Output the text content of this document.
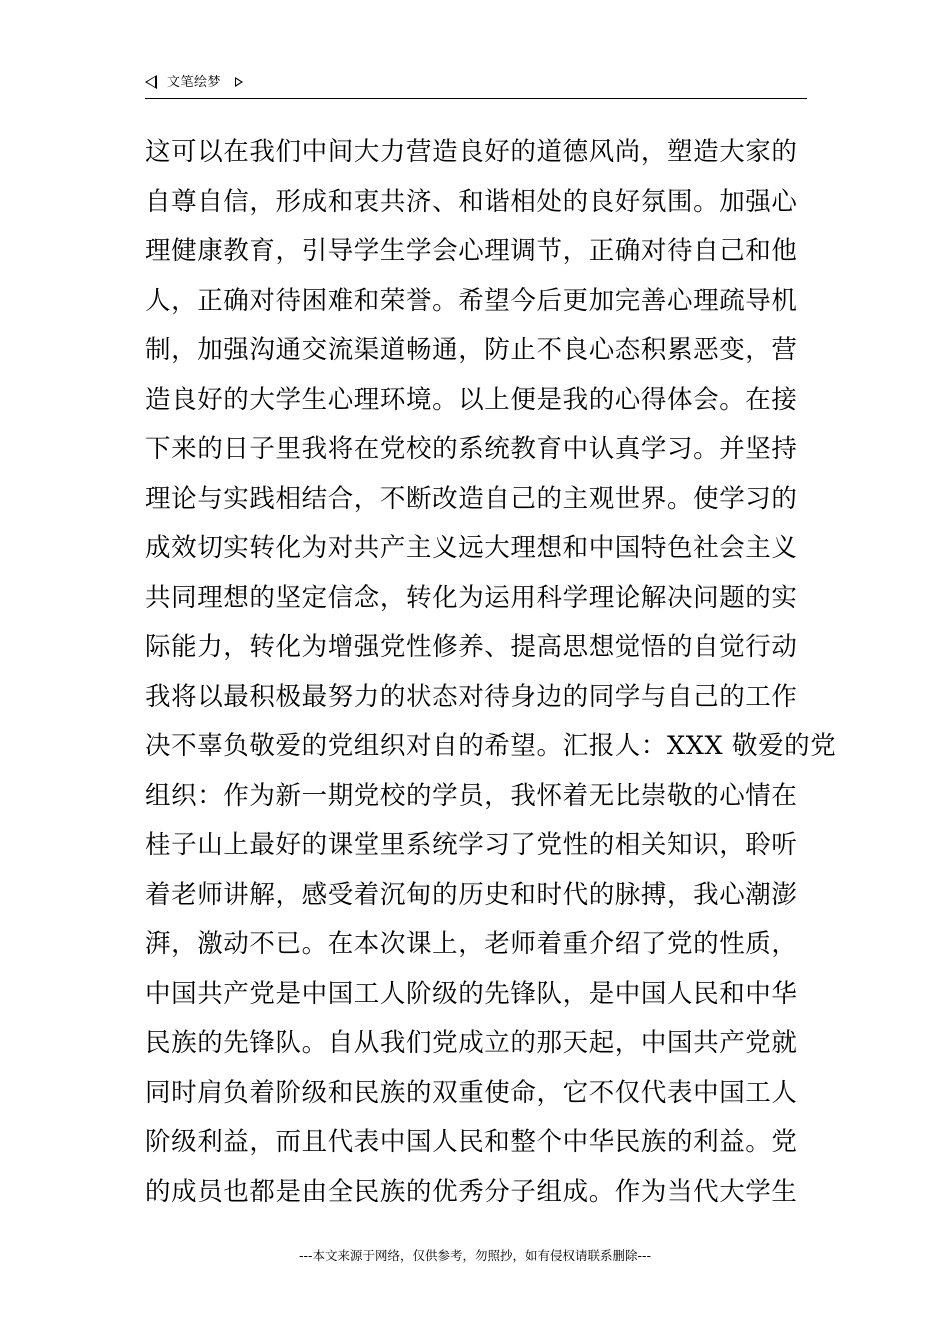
文笔绘梦
这可以在我们中间大力营造良好的道德风尚，塑造大家的
自尊自信，形成和衷共济、和谐相处的良好氛围。加强心
理健康教育，引导学生学会心理调节，正确对待自己和他
人，正确对待困难和荣誉。希望今后更加完善心理疏导机
制，加强沟通交流渠道畅通，防止不良心态积累恶变，营
造良好的大学生心理环境。以上便是我的心得体会。在接
下来的日子里我将在党校的系统教育中认真学习。并坚持
理论与实践相结合，不断改造自己的主观世界。使学习的
成效切实转化为对共产主义远大理想和中国特色社会主义
共同理想的坚定信念，转化为运用科学理论解决问题的实
际能力，转化为增强党性修养、提高思想觉悟的自觉行动
我将以最积极最努力的状态对待身边的同学与自己的工作
决不辜负敬爱的党组织对自的希望。汇报人：XXX 敬爱的党
组织：作为新一期党校的学员，我怀着无比崇敬的心情在
桂子山上最好的课堂里系统学习了党性的相关知识，聆听
着老师讲解，感受着沉甸的历史和时代的脉搏，我心潮澎
湃，激动不已。在本次课上，老师着重介绍了党的性质，
中国共产党是中国工人阶级的先锋队，是中国人民和中华
民族的先锋队。自从我们党成立的那天起，中国共产党就
同时肩负着阶级和民族的双重使命，它不仅代表中国工人
阶级利益，而且代表中国人民和整个中华民族的利益。党
的成员也都是由全民族的优秀分子组成。作为当代大学生
---本文来源于网络，仅供参考，勿照抄，如有侵权请联系删除---
